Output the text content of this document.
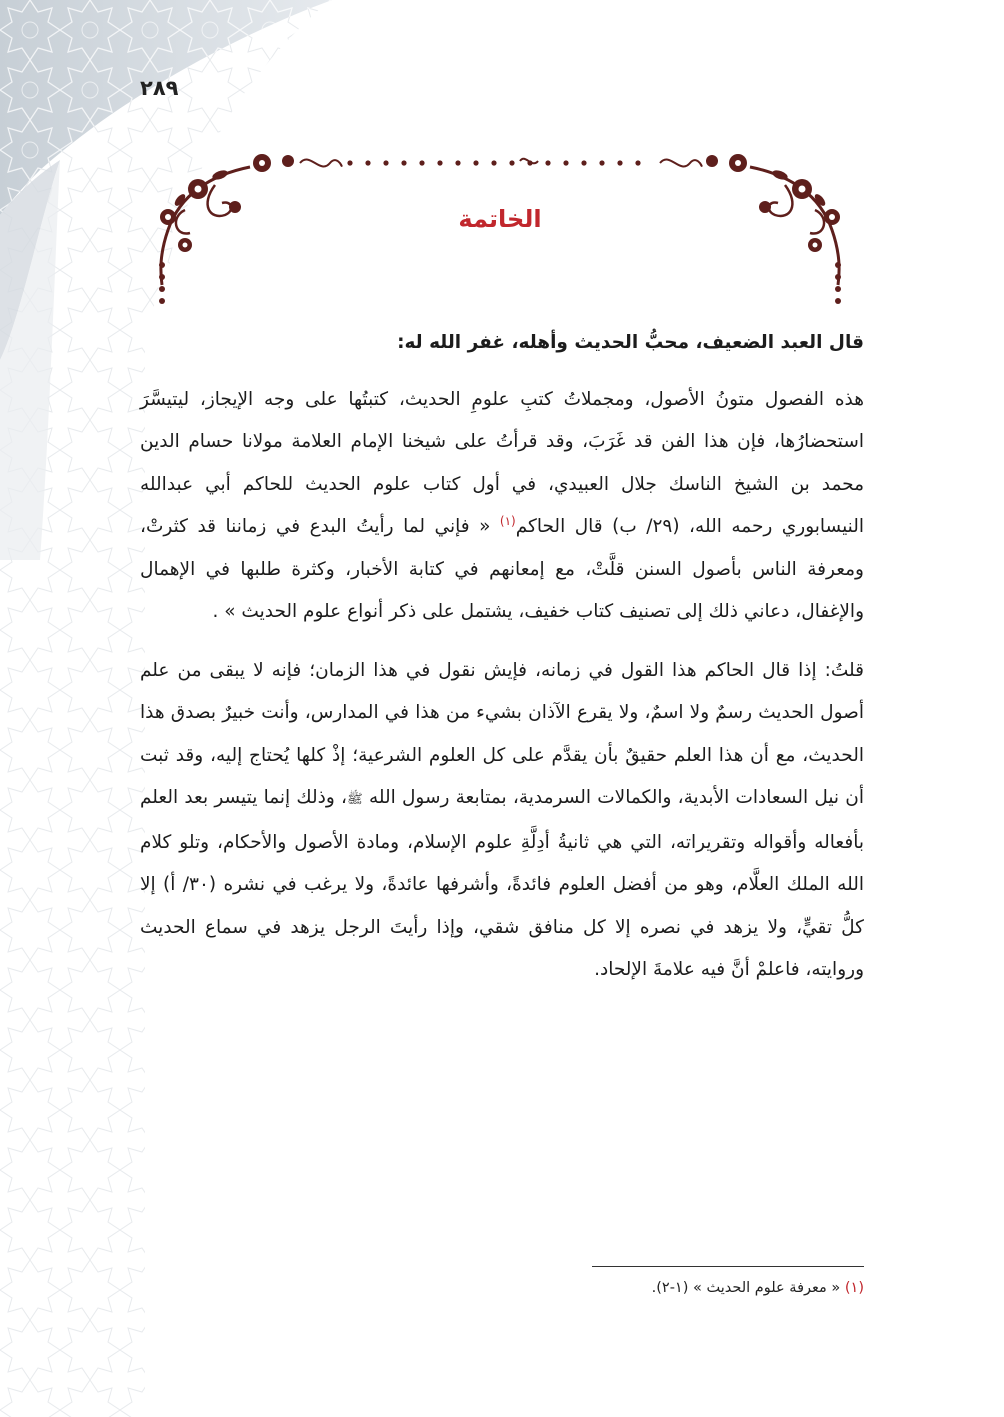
٢٨٩
الخاتمة

قال العبد الضعيف، محبُّ الحديث وأهله، غفر الله له:

هذه الفصول متونُ الأصول، ومجملاتُ كتبِ علومِ الحديث، كتبتُها على وجه الإيجاز، ليتيسَّرَ استحضارُها، فإن هذا الفن قد غَرَبَ، وقد قرأتُ على شيخنا الإمام العلامة مولانا حسام الدين محمد بن الشيخ الناسك جلال العبيدي، في أول كتاب علوم الحديث للحاكم أبي عبدالله النيسابوري رحمه الله، (٢٩/ ب) قال الحاكم$^{(١)}$ « فإني لما رأيتُ البدع في زماننا قد كثرتْ، ومعرفة الناس بأصول السنن قلَّتْ، مع إمعانهم في كتابة الأخبار، وكثرة طلبها في الإهمال والإغفال، دعاني ذلك إلى تصنيف كتاب خفيف، يشتمل على ذكر أنواع علوم الحديث » .

قلتُ: إذا قال الحاكم هذا القول في زمانه، فإيش نقول في هذا الزمان؛ فإنه لا يبقى من علم أصول الحديث رسمٌ ولا اسمٌ، ولا يقرع الآذان بشيء من هذا في المدارس، وأنت خبيرٌ بصدق هذا الحديث، مع أن هذا العلم حقيقٌ بأن يقدَّم على كل العلوم الشرعية؛ إذْ كلها يُحتاج إليه، وقد ثبت أن نيل السعادات الأبدية، والكمالات السرمدية، بمتابعة رسول الله ﷺ، وذلك إنما يتيسر بعد العلم بأفعاله وأقواله وتقريراته، التي هي ثانيةُ أدِلَّةِ علوم الإسلام، ومادة الأصول والأحكام، وتلو كلام الله الملك العلَّام، وهو من أفضل العلوم فائدةً، وأشرفها عائدةً، ولا يرغب في نشره (٣٠/ أ) إلا كلُّ تقيٍّ، ولا يزهد في نصره إلا كل منافق شقي، وإذا رأيتَ الرجل يزهد في سماع الحديث وروايته، فاعلمْ أنَّ فيه علامةَ الإلحاد.

(١) « معرفة علوم الحديث » (١-٢).
